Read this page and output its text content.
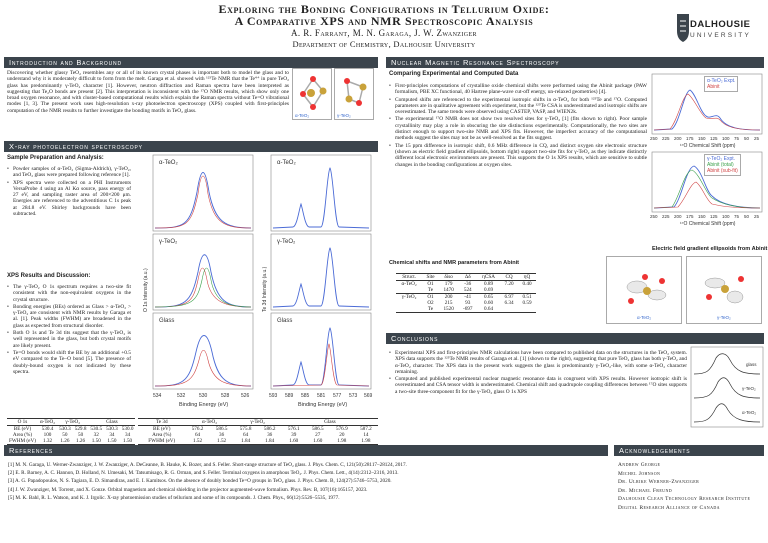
Exploring the Bonding Configurations in Tellurium Oxide:
A Comparative XPS and NMR Spectroscopic Analysis
A. R. Farrant, M. N. Garaga, J. W. Zwanziger
Department of Chemistry, Dalhousie University
DALHOUSIE
UNIVERSITY
Introduction and Background
Discovering whether glassy TeO₂ resembles any or all of its known crystal phases is important both to model the glass and to understand why it is moderately difficult to form from the melt. Garaga et al. showed with ¹²⁵Te NMR that the Te⁴⁺ in pure TeO₂ glass has predominantly γ-TeO₂ character [1]. However, neutron diffraction and Raman spectra have been interpreted as suggesting that Te₂O bonds are present [2]. This interpretation is inconsistent with the ¹⁷O NMR results, which show only one broad oxygen resonance, and with cluster-based computational results which explain the Raman spectra without Te=O vibrational modes [1, 3]. The present work uses high-resolution x-ray photoelectron spectroscopy (XPS) coupled with first-principles computation of the NMR results to further investigate the bonding motifs in TeO₂ glass.
α-TeO₂	γ-TeO₂
X-ray photoelectron spectroscopy
Sample Preparation and Analysis:
• Powder samples of α-TeO₂ (Sigma-Aldrich), γ-TeO₂, and TeO₂ glass were prepared following reference [1].
• XPS spectra were collected on a PHI Instruments VersaProbe 4 using an Al Kα source, pass energy of 27 eV, and sampling raster area of 200×200 μm. Energies are referenced to the adventitious C 1s peak at 284.8 eV. Shirley backgrounds have been subtracted.
XPS Results and Discussion:
• The γ-TeO₂ O 1s spectrum requires a two-site fit consistent with the non-equivalent oxygens in the crystal structure.
• Bonding energies (BEs) ordered as Glass > α-TeO₂ > γ-TeO₂ are consistent with NMR results by Garaga et al. [1]. Peak widths (FWHM) are broadened in the glass as expected from structural disorder.
• Both O 1s and Te 3d tits suggest that the γ-TeO₂ is well represented in the glass, but both crystal motifs are likely present.
• Te=O bonds would shift the BE by an additional +0.5 eV compared to the Te–O bond [5]. The presence of doubly-bound oxygen is not indicated by these spectra.
534	532	530	528 526
Binding Energy (eV)
O 1s Intensity (a.u.)
α-TeO₂
γ-TeO₂
Glass
593 589 585 581 577 573 569
Binding Energy (eV)
Te 3d Intensity (a.u.)
α-TeO₂
γ-TeO₂
Glass
O 1s	α-TeO₂	γ-TeO₂		Glass		
BE (eV)	530.4	530.3	529.8	530.5	530.3	530.0
Area (%)	100	50	50	32	34	34
FWHM (eV)	1.32	1.26	1.26	1.50	1.50	1.50
Te 3d	α-TeO₂		γ-TeO₂		Glass			
BE (eV)	576.2	586.5	575.8	586.2	576.1	586.5	576.9	587.2
Area (%)	64	36	64	36	39	27	20	14
FWHM (eV)	1.52	1.52	1.84	1.84	1.60	1.60	1.98	1.98
Nuclear Magnetic Resonance Spectroscopy
Comparing Experimental and Computed Data
• First-principles computations of crystalline oxide chemical shifts were performed using the Abinit package (PAW formalism, PBE XC functional, 40 Hartree plane-wave cut-off energy, un-relaxed geometries) [4].
• Computed shifts are referenced to the experimental isotropic shifts in α-TeO₂ for both ¹²⁵Te and ¹⁷O. Computed parameters are in qualitative agreement with experiment, but the ¹²⁵Te CSA is underestimated and isotropic shifts are overestimated. The same trends were observed using CASTEP, VASP, and WIEN2k.
• The experimental ¹⁷O NMR does not show two resolved sites for γ-TeO₂ [1] (fits shown to right). Poor sample crystallinity may play a role in obscuring the site distinctions experimentally. Computationally, the two sites are distinct enough to support two-site NMR and XPS fits. However, the imperfect accuracy of the computational methods suggest the sites may not be as well-resolved as the fits suggest.
• The 15 ppm difference in isotropic shift, 0.6 MHz difference in CQ, and distinct oxygen site electronic structure (shown as electric field gradient ellipsoids, bottom right) support two-site fits for γ-TeO₂ as they indicate distinctly different local electronic environments are present. This supports the O 1s XPS results, which are sensitive to subtle changes in the bonding configurations at oxygen sites.
250 225 200 175 150 125 100 75 50 25
¹⁷O Chemical Shift (ppm)
250 225 200 175 150 125 100 75 50 25
¹⁷O Chemical Shift (ppm)
α-TeO₂ Expt.
Abinit
γ-TeO₂ Expt.
Abinit (total)
Abinit (sub-fit)
Chemical shifts and NMR parameters from Abinit
Struct.	Site	δiso	Δδ	ηCSA	CQ	ηQ
α-TeO₂	O1	179	-36	0.89	7.20	0.40
	Te	1470	524	0.69		
γ-TeO₂	O1	200	-41	0.65	6.97	0.51
	O2	215	93	0.60	6.34	0.59
	Te	1520	-697	0.64		
Electric field gradient ellipsoids from Abinit
α-TeO₂	γ-TeO₂
Conclusions
• Experimental XPS and first-principles NMR calculations have been compared to published data on the structures in the TeO₂ system. XPS data supports the ¹²⁵Te NMR results of Garaga et al. [1] (shown to the right), suggesting that pure TeO₂ glass has both γ-TeO₂ and α-TeO₂ character. The XPS data in the present work suggests the glass is predominantly γ-TeO₂-like, with some α-TeO₂ character remaining.
• Computed and published experimental nuclear magnetic resonance data is congruent with XPS results. However isotropic shift is overestimated and CSA tensor width is underestimated. Chemical shift and quadrupole coupling differences between ¹⁷O sites supports a two-site three-component fit for the γ-TeO₂ glass O 1s XPS
glass
γ-TeO₂
α-TeO₂
References
[1] M. N. Garaga, U. Werner-Zwanziger, J. W. Zwanziger, A. DeCeanne, B. Hauke, K. Bozer, and S. Feller. Short-range structure of TeO₂ glass. J. Phys. Chem. C, 121(50):28117–28124, 2017.
[2] E. R. Barney, A. C. Hannon, D. Holland, N. Umesaki, M. Tatsumisago, R. G. Orman, and S. Feller. Terminal oxygens in amorphous TeO₂. J. Phys. Chem. Lett., 4(14):2312–2316, 2013.
[3] A. G. Papadopoulos, N. S. Tagiara, E. D. Simandiras, and E. I. Kamitsos. On the absence of doubly bonded Te=O groups in TeO₂ glass. J. Phys. Chem. B, 124(27):5746–5753, 2020.
[4] J. W. Zwanziger, M. Torrent, and X. Gonze. Orbital magnetism and chemical shielding in the projector augmented-wave formalism. Phys. Rev. B, 107(16):165157, 2023.
[5] M. K. Bahl, R. L. Watson, and K. J. Irgolic. X-ray photoemission studies of tellurium and some of its compounds. J. Chem. Phys., 66(12):5526–5535, 1977.
Acknowledgements
Andrew George
Michel Johnson
Dr. Ulrike Werner-Zwanziger
Dr. Michael Freund
Dalhousie Clean Technology Research Institute
Digital Research Alliance of Canada
